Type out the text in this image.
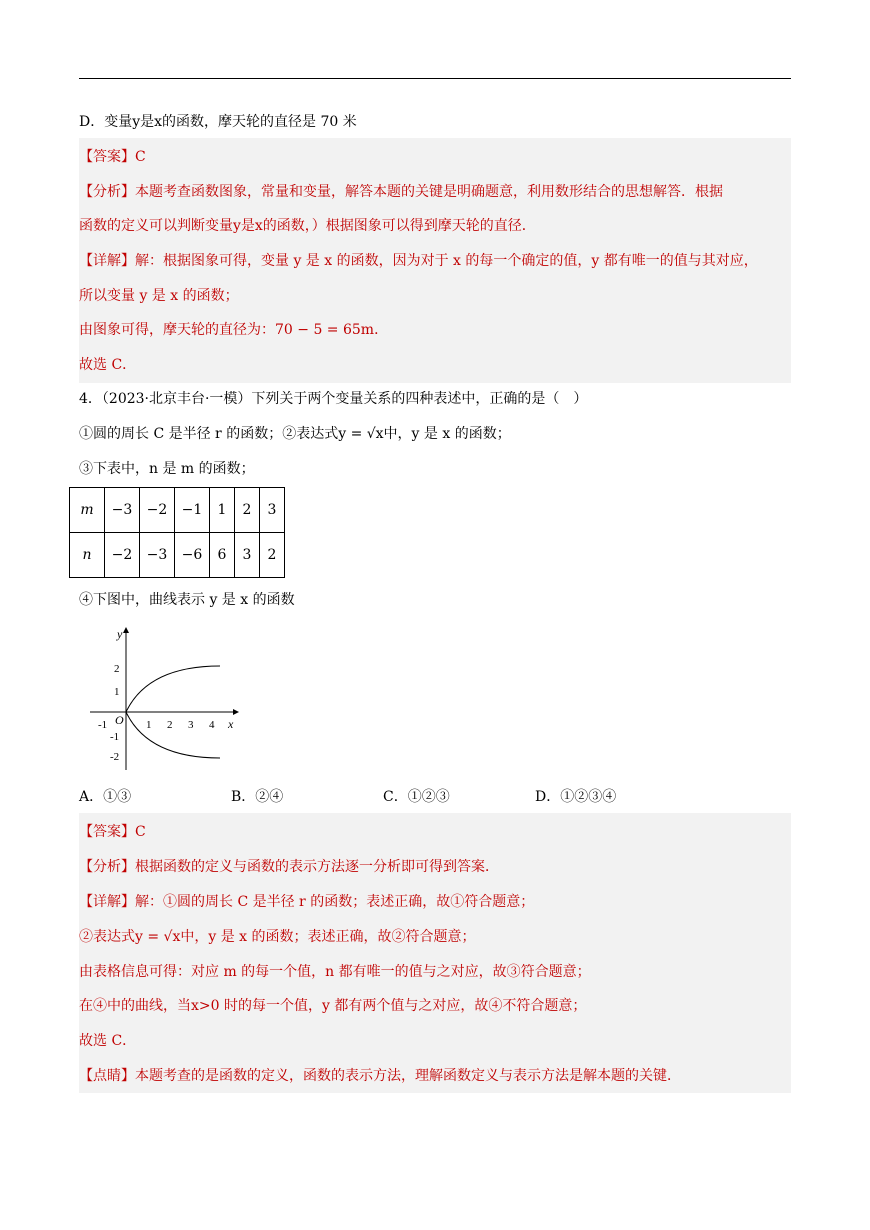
D．变量y是x的函数，摩天轮的直径是 70 米
【答案】C
【分析】本题考查函数图象，常量和变量，解答本题的关键是明确题意，利用数形结合的思想解答．根据
函数的定义可以判断变量y是x的函数，）根据图象可以得到摩天轮的直径．
【详解】解：根据图象可得，变量 y 是 x 的函数，因为对于 x 的每一个确定的值，y 都有唯一的值与其对应，
所以变量 y 是 x 的函数；
由图象可得，摩天轮的直径为：70 − 5 = 65m．
故选 C．
4．（2023·北京丰台·一模）下列关于两个变量关系的四种表述中，正确的是（　）
①圆的周长 C 是半径 r 的函数；②表达式y = √x中，y 是 x 的函数；
③下表中，n 是 m 的函数；
m	−3	−2	−1	1	2	3
n	−2	−3	−6	6	3	2
④下图中，曲线表示 y 是 x 的函数
y
x
O
-1	1 2 3 4
2
1
-1
-2
A．①③	B．②④	C．①②③	D．①②③④
【答案】C
【分析】根据函数的定义与函数的表示方法逐一分析即可得到答案．
【详解】解：①圆的周长 C 是半径 r 的函数；表述正确，故①符合题意；
②表达式y = √x中，y 是 x 的函数；表述正确，故②符合题意；
由表格信息可得：对应 m 的每一个值，n 都有唯一的值与之对应，故③符合题意；
在④中的曲线，当x>0 时的每一个值，y 都有两个值与之对应，故④不符合题意；
故选 C．
【点睛】本题考查的是函数的定义，函数的表示方法，理解函数定义与表示方法是解本题的关键．
